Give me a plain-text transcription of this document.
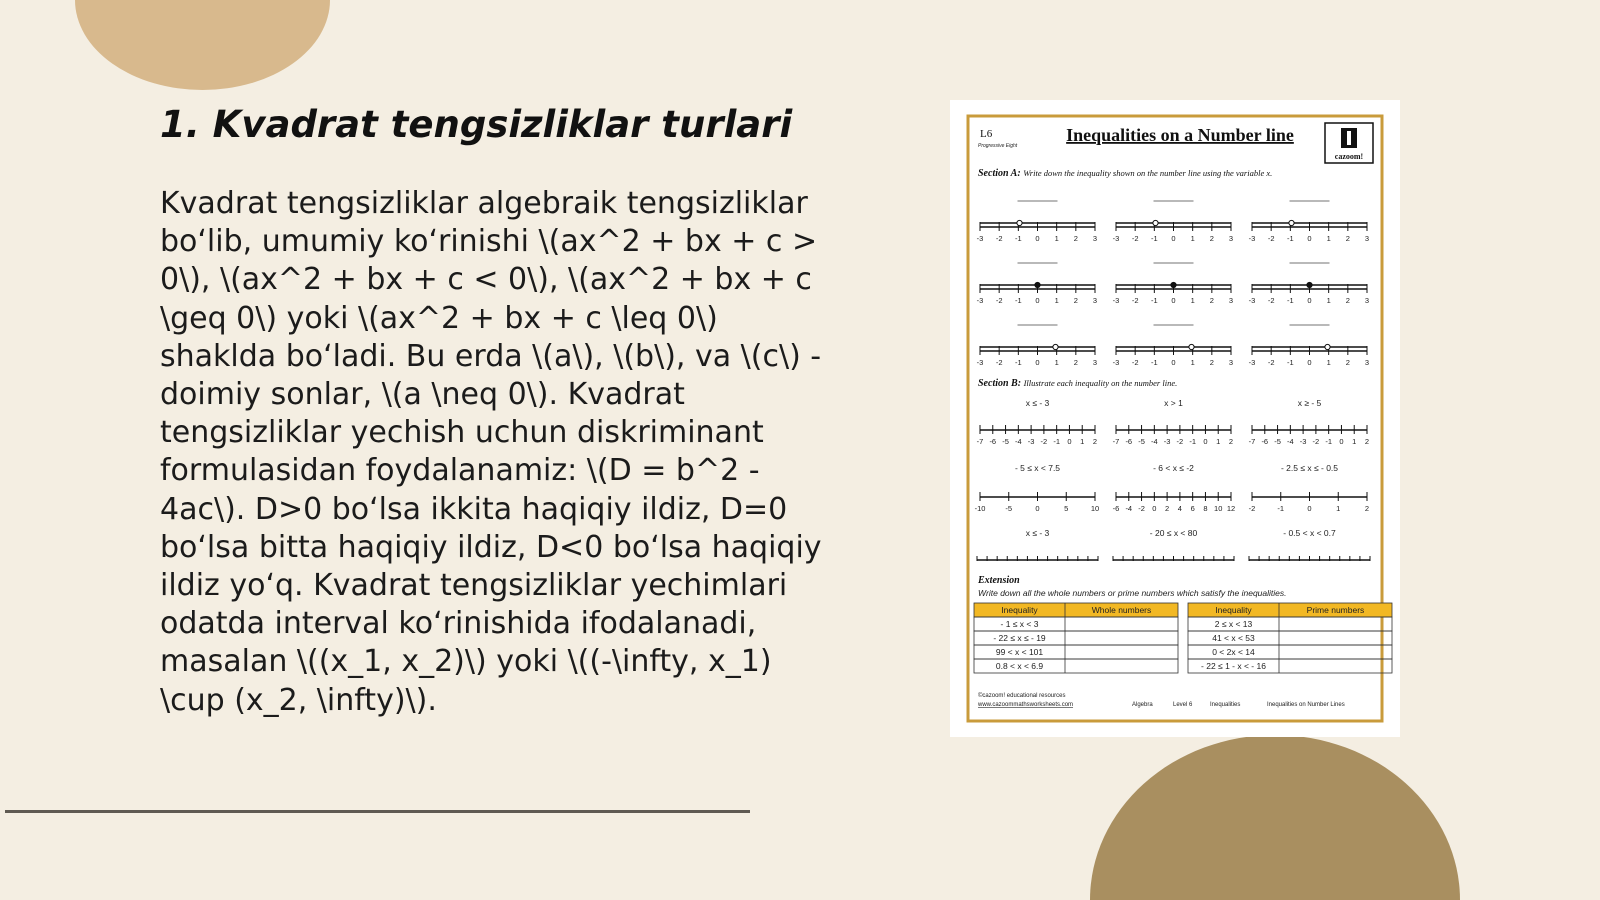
1. Kvadrat tengsizliklar turlari

Kvadrat tengsizliklar algebraik tengsizliklar bo‘lib, umumiy ko‘rinishi \(ax^2 + bx + c > 0\), \(ax^2 + bx + c < 0\), \(ax^2 + bx + c \geq 0\) yoki \(ax^2 + bx + c \leq 0\) shaklda bo‘ladi. Bu erda \(a\), \(b\), va \(c\) - doimiy sonlar, \(a \neq 0\). Kvadrat tengsizliklar yechish uchun diskriminant formulasidan foydalanamiz: \(D = b^2 - 4ac\). D>0 bo‘lsa ikkita haqiqiy ildiz, D=0 bo‘lsa bitta haqiqiy ildiz, D<0 bo‘lsa haqiqiy ildiz yo‘q. Kvadrat tengsizliklar yechimlari odatda interval ko‘rinishida ifodalanadi, masalan \((x_1, x_2)\) yoki \((-\infty, x_1) \cup (x_2, \infty)\).

L6
Progressive Eight
Inequalities on a Number line
cazoom!
Section A: Write down the inequality shown on the number line using the variable x.
-3 -2 -1 0 1 2 3 -3 -2 -1 0 1 2 3 -3 -2 -1 0 1 2 3
-3 -2 -1 0 1 2 3 -3 -2 -1 0 1 2 3 -3 -2 -1 0 1 2 3
-3 -2 -1 0 1 2 3 -3 -2 -1 0 1 2 3 -3 -2 -1 0 1 2 3
Section B: Illustrate each inequality on the number line.
x ≤ - 3
-7 -6 -5 -4 -3 -2 -1 0 1 2
x > 1
-7 -6 -5 -4 -3 -2 -1 0 1 2
x ≥ - 5
-7 -6 -5 -4 -3 -2 -1 0 1 2
- 5 ≤ x < 7.5
-10	-5	0	5	10
- 6 < x ≤ -2
-6 -4 -2 0 2 4 6 8 10 12
- 2.5 ≤ x ≤ - 0.5
-2	-1	0	1	2
x ≤ - 3	- 20 ≤ x < 80	- 0.5 < x < 0.7
Extension
Write down all the whole numbers or prime numbers which satisfy the inequalities.
Inequality	Whole numbers
- 1 ≤ x < 3
- 22 ≤ x ≤ - 19
99 < x < 101
0.8 < x < 6.9
Inequality	Prime numbers
2 ≤ x < 13
41 < x < 53
0 < 2x < 14
- 22 ≤ 1 - x < - 16
©cazoom! educational resources
www.cazoommathsworksheets.com	Algebra	Level 6	Inequalities	Inequalities on Number Lines
